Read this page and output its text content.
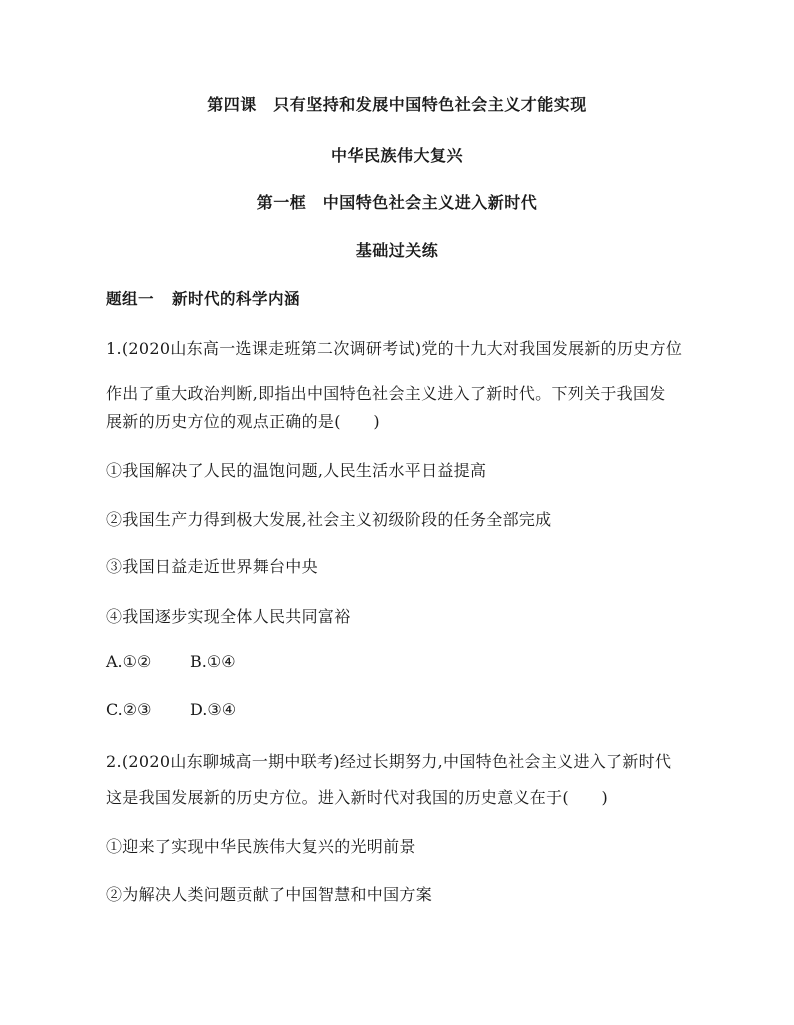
第四课　只有坚持和发展中国特色社会主义才能实现
中华民族伟大复兴
第一框　中国特色社会主义进入新时代
基础过关练
题组一 新时代的科学内涵
1.(2020山东高一选课走班第二次调研考试)党的十九大对我国发展新的历史方位
作出了重大政治判断,即指出中国特色社会主义进入了新时代。下列关于我国发
展新的历史方位的观点正确的是(　　)
①我国解决了人民的温饱问题,人民生活水平日益提高
②我国生产力得到极大发展,社会主义初级阶段的任务全部完成
③我国日益走近世界舞台中央
④我国逐步实现全体人民共同富裕
A.①② B.①④
C.②③ D.③④
2.(2020山东聊城高一期中联考)经过长期努力,中国特色社会主义进入了新时代
这是我国发展新的历史方位。进入新时代对我国的历史意义在于(　　)
①迎来了实现中华民族伟大复兴的光明前景
②为解决人类问题贡献了中国智慧和中国方案
